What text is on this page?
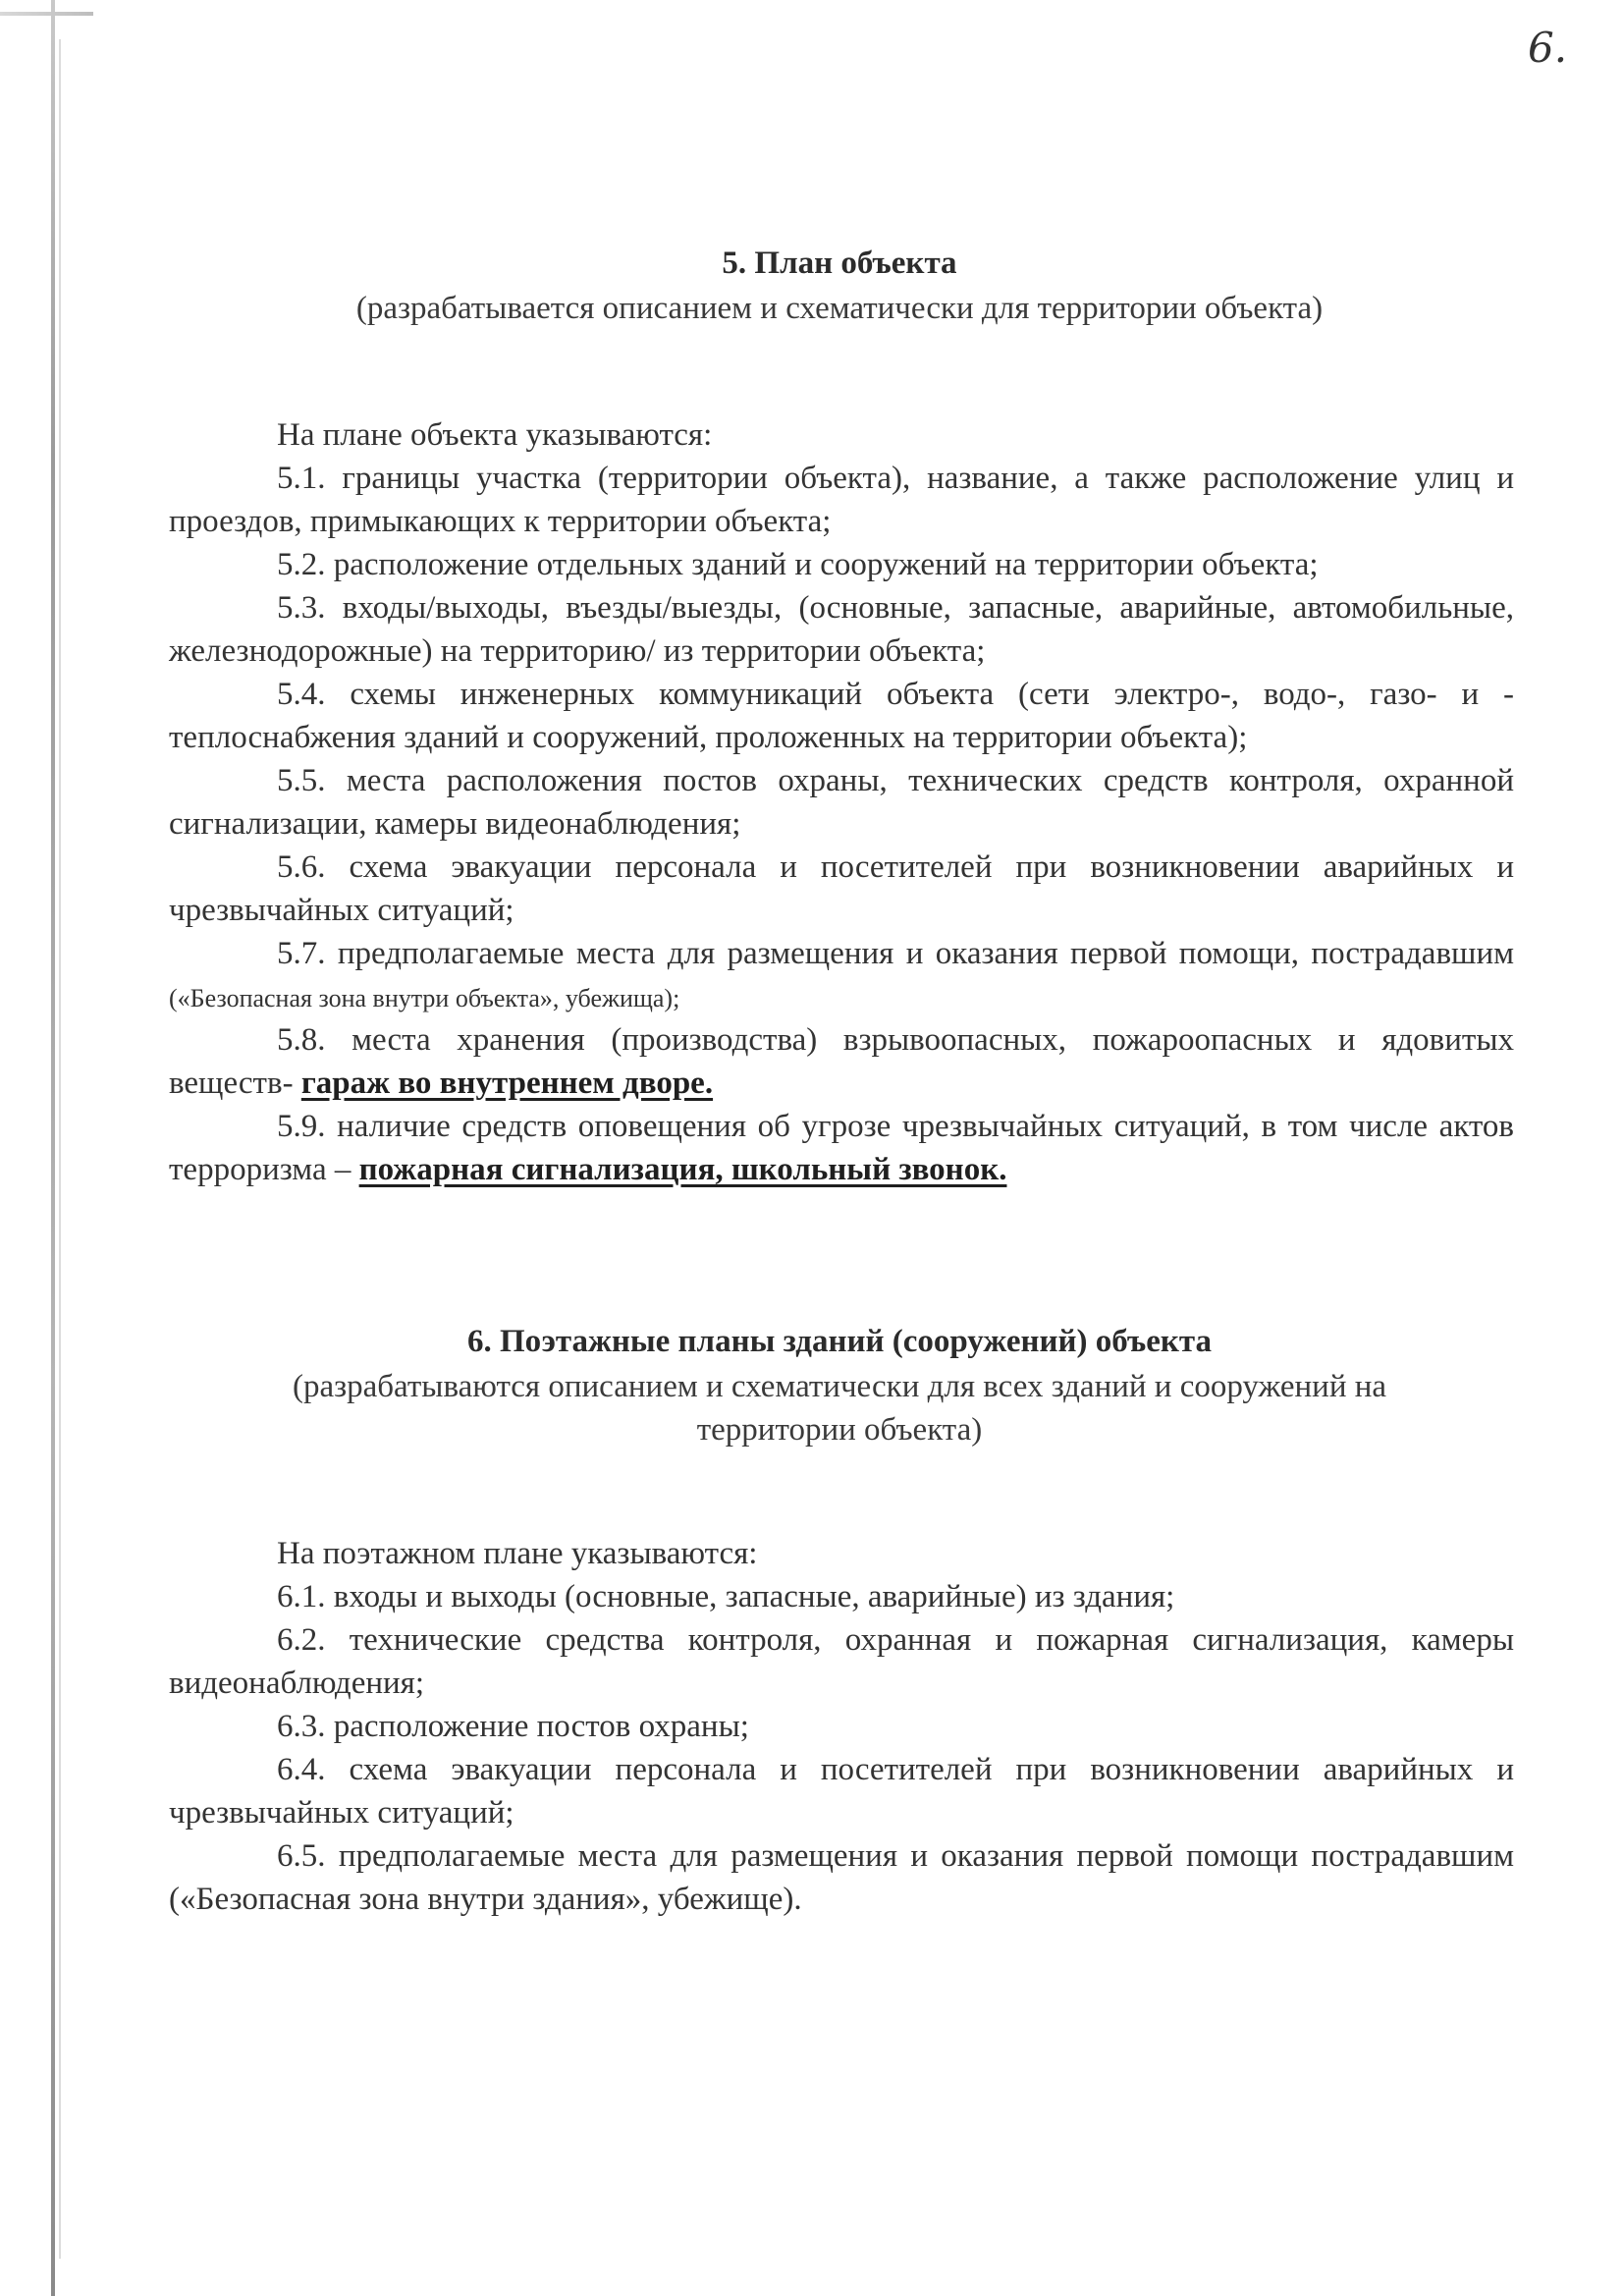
6.
5. План объекта
(разрабатывается описанием и схематически для территории объекта)
На плане объекта указываются:
5.1. границы участка (территории объекта), название, а также расположение улиц и проездов, примыкающих к территории объекта;
5.2. расположение отдельных зданий и сооружений на территории объекта;
5.3. входы/выходы, въезды/выезды, (основные, запасные, аварийные, автомобильные, железнодорожные) на территорию/ из территории объекта;
5.4. схемы инженерных коммуникаций объекта (сети электро-, водо-, газо- и - теплоснабжения зданий и сооружений, проложенных на территории объекта);
5.5. места расположения постов охраны, технических средств контроля, охранной сигнализации, камеры видеонаблюдения;
5.6. схема эвакуации персонала и посетителей при возникновении аварийных и чрезвычайных ситуаций;
5.7. предполагаемые места для размещения и оказания первой помощи, пострадавшим («Безопасная зона внутри объекта», убежища);
5.8. места хранения (производства) взрывоопасных, пожароопасных и ядовитых веществ- гараж во внутреннем дворе.
5.9. наличие средств оповещения об угрозе чрезвычайных ситуаций, в том числе актов терроризма – пожарная сигнализация, школьный звонок.
6. Поэтажные планы зданий (сооружений) объекта
(разрабатываются описанием и схематически для всех зданий и сооружений на
территории объекта)
На поэтажном плане указываются:
6.1. входы и выходы (основные, запасные, аварийные) из здания;
6.2. технические средства контроля, охранная и пожарная сигнализация, камеры видеонаблюдения;
6.3. расположение постов охраны;
6.4. схема эвакуации персонала и посетителей при возникновении аварийных и чрезвычайных ситуаций;
6.5. предполагаемые места для размещения и оказания первой помощи пострадавшим («Безопасная зона внутри здания», убежище).
